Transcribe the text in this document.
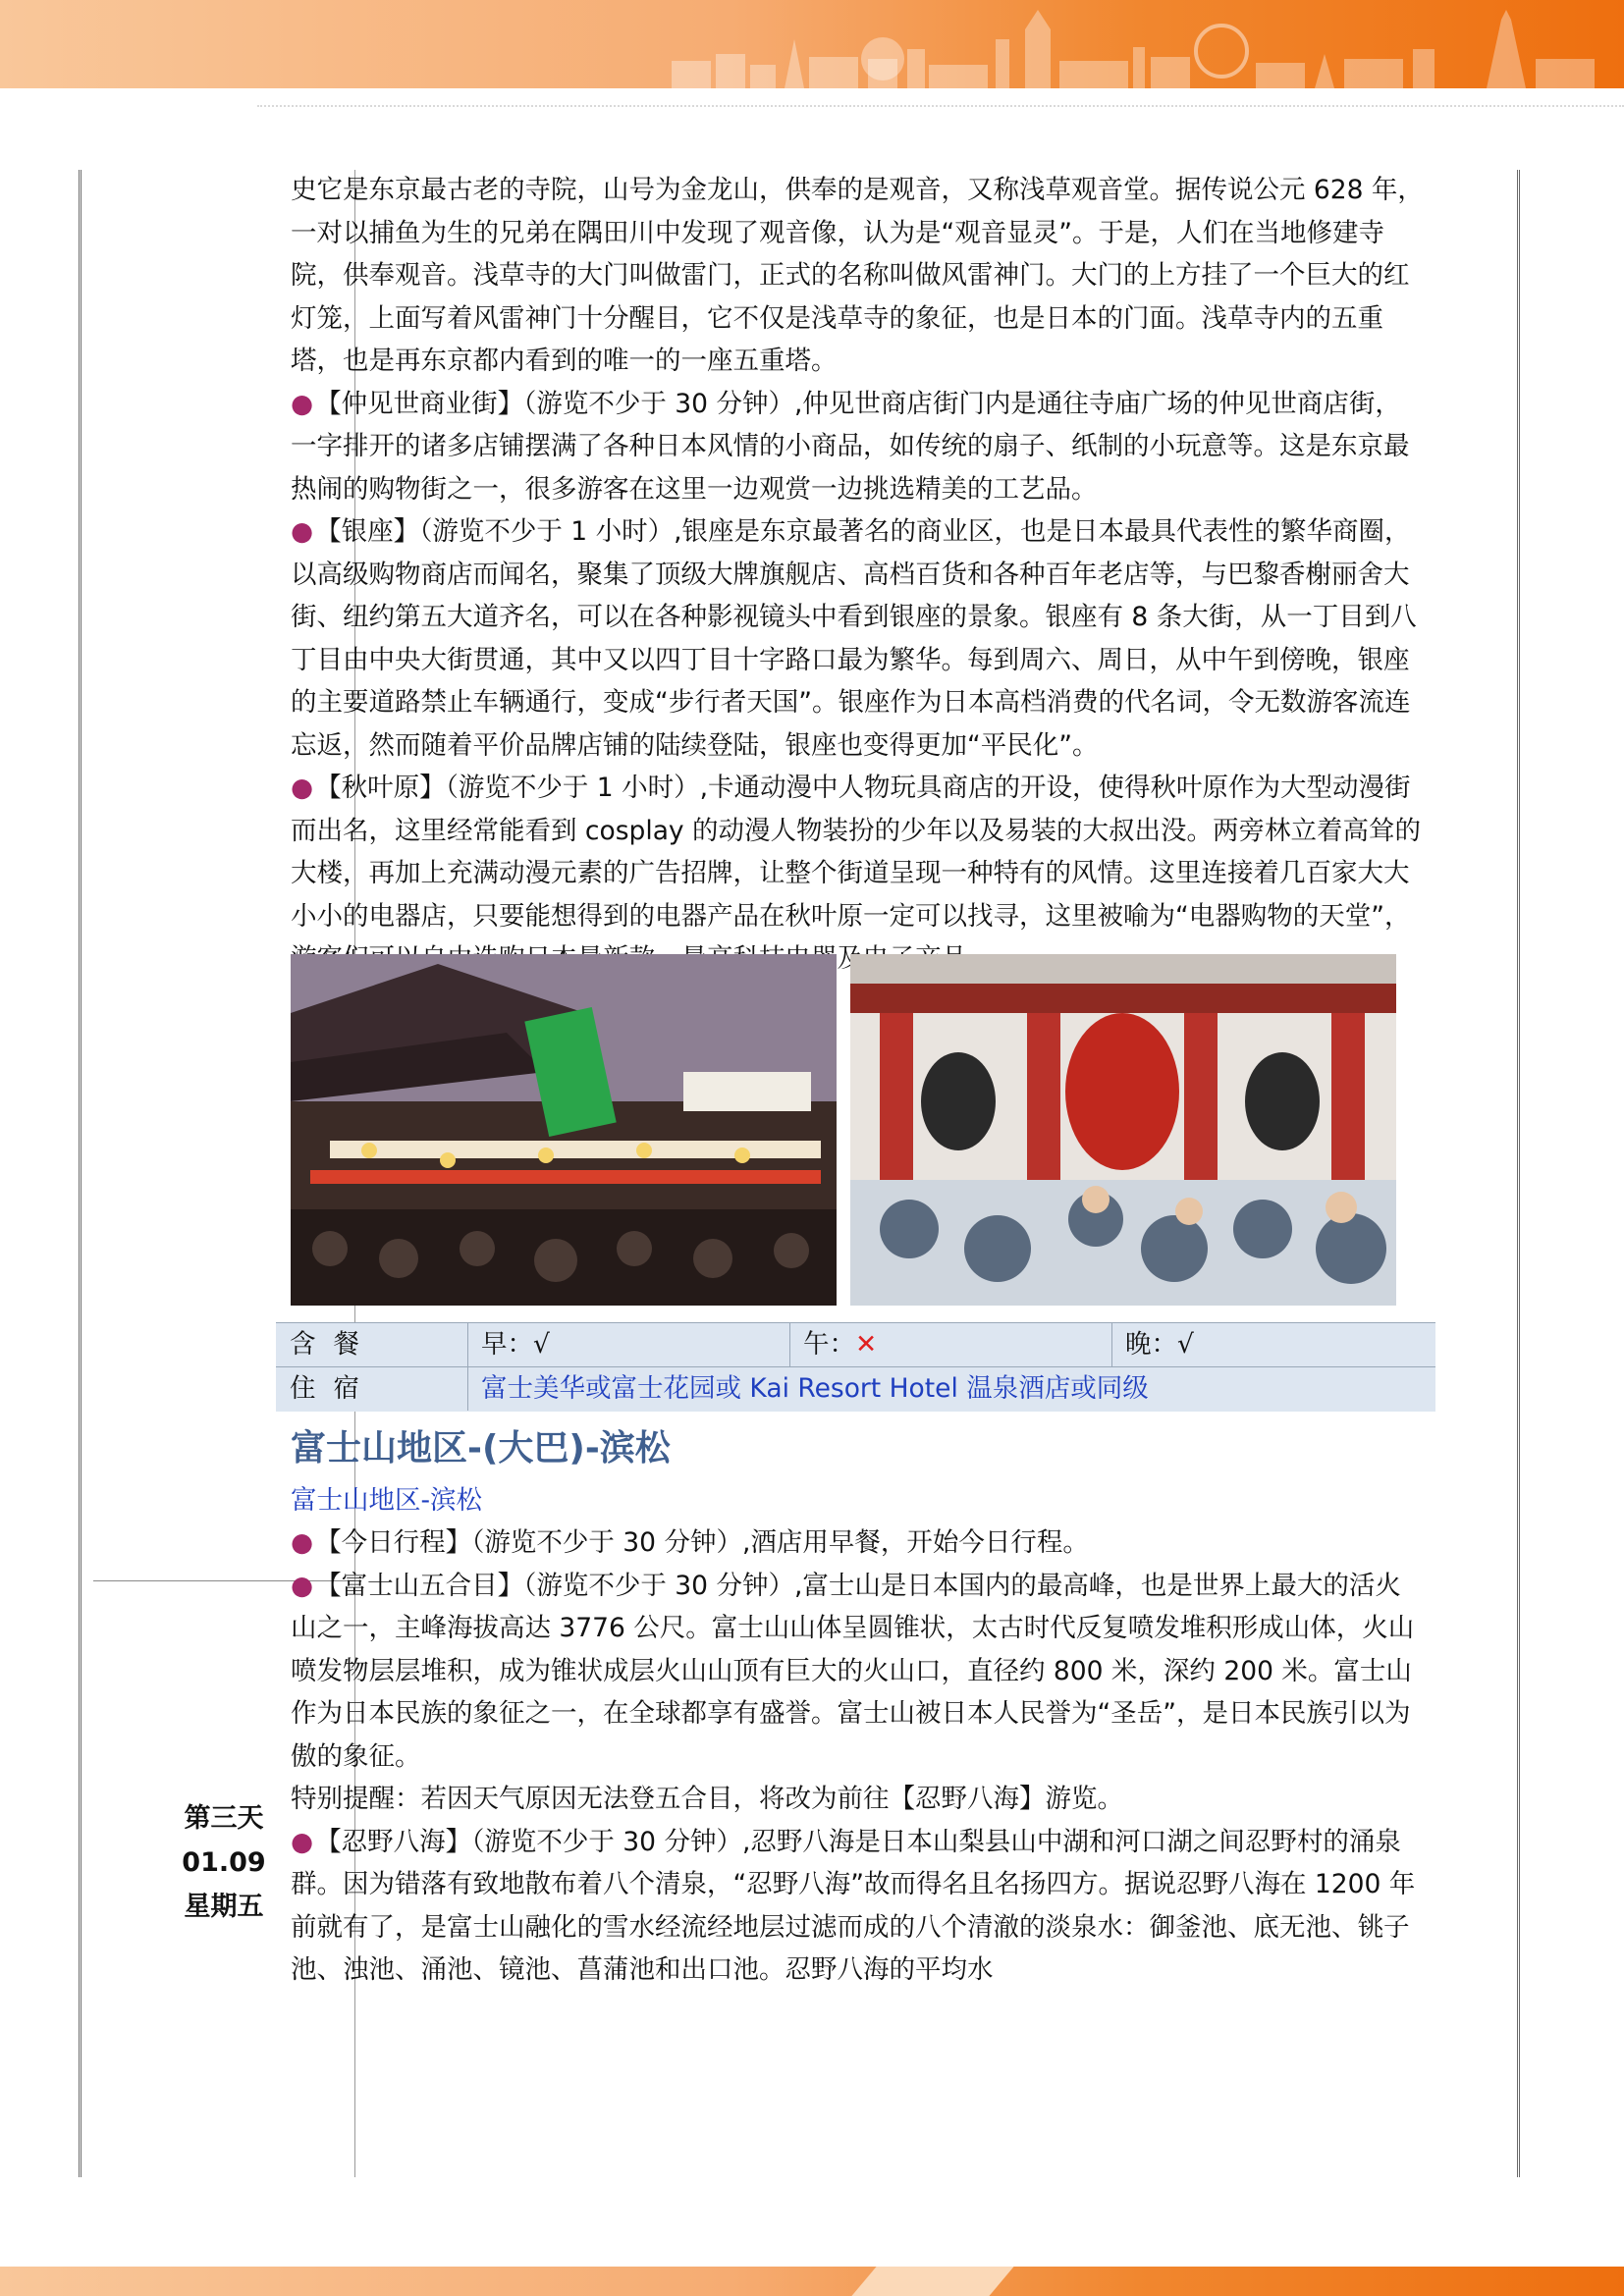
第三天
01.09
星期五

史它是东京最古老的寺院，山号为金龙山，供奉的是观音，又称浅草观音堂。据传说公元 628 年，一对以捕鱼为生的兄弟在隅田川中发现了观音像，认为是“观音显灵”。于是，人们在当地修建寺院，供奉观音。浅草寺的大门叫做雷门，正式的名称叫做风雷神门。大门的上方挂了一个巨大的红灯笼，上面写着风雷神门十分醒目，它不仅是浅草寺的象征，也是日本的门面。浅草寺内的五重塔，也是再东京都内看到的唯一的一座五重塔。

●【仲见世商业街】（游览不少于 30 分钟）,仲见世商店街门内是通往寺庙广场的仲见世商店街，一字排开的诸多店铺摆满了各种日本风情的小商品，如传统的扇子、纸制的小玩意等。这是东京最热闹的购物街之一，很多游客在这里一边观赏一边挑选精美的工艺品。

●【银座】（游览不少于 1 小时）,银座是东京最著名的商业区，也是日本最具代表性的繁华商圈，以高级购物商店而闻名，聚集了顶级大牌旗舰店、高档百货和各种百年老店等，与巴黎香榭丽舍大街、纽约第五大道齐名，可以在各种影视镜头中看到银座的景象。银座有 8 条大街，从一丁目到八丁目由中央大街贯通，其中又以四丁目十字路口最为繁华。每到周六、周日，从中午到傍晚，银座的主要道路禁止车辆通行，变成“步行者天国”。银座作为日本高档消费的代名词，令无数游客流连忘返，然而随着平价品牌店铺的陆续登陆，银座也变得更加“平民化”。

●【秋叶原】（游览不少于 1 小时）,卡通动漫中人物玩具商店的开设，使得秋叶原作为大型动漫街而出名，这里经常能看到 cosplay 的动漫人物装扮的少年以及易装的大叔出没。两旁林立着高耸的大楼，再加上充满动漫元素的广告招牌，让整个街道呈现一种特有的风情。这里连接着几百家大大小小的电器店，只要能想得到的电器产品在秋叶原一定可以找寻，这里被喻为“电器购物的天堂”， 器及

含餐	早：√	午：✕	晚：√
住宿	富士美华或富士花园或 Kai Resort Hotel 温泉酒店或同级
富士山地区-(大巴)-滨松
富士山地区-滨松

●【今日行程】（游览不少于 30 分钟）,酒店用早餐，开始今日行程。

●【富士山五合目】（游览不少于 30 分钟）,富士山是日本国内的最高峰，也是世界上最大的活火山之一，主峰海拔高达 3776 公尺。富士山山体呈圆锥状，太古时代反复喷发堆积形成山体，火山喷发物层层堆积，成为锥状成层火山山顶有巨大的火山口，直径约 800 米，深约 200 米。富士山作为日本民族的象征之一，在全球都享有盛誉。富士山被日本人民誉为“圣岳”，是日本民族引以为傲的象征。

特别提醒：若因天气原因无法登五合目，将改为前往【忍野八海】游览。

●【忍野八海】（游览不少于 30 分钟）,忍野八海是日本山梨县山中湖和河口湖之间忍野村的涌泉群。因为错落有致地散布着八个清泉，“忍野八海”故而得名且名扬四方。据说忍野八海在 1200 年前就有了，是富士山融化的雪水经流经地层过滤而成的八个清澈的淡泉水：御釜池、底无池、铫子池、浊池、涌池、镜池、菖蒲池和出口池。忍野八海的平均水
